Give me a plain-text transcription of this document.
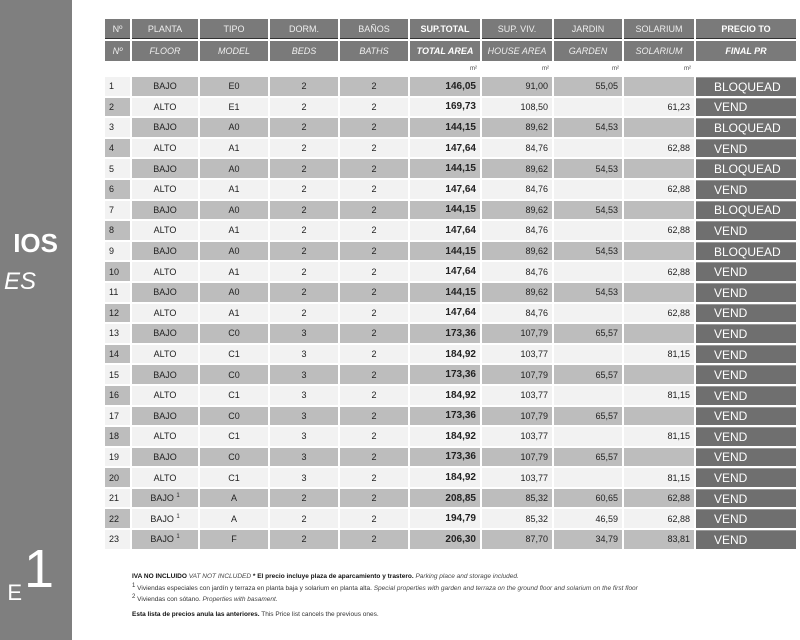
IOS
ES
1
E
Nº	PLANTA	TIPO	DORM.	BAÑOS	SUP.TOTAL	SUP. VIV.	JARDIN	SOLARIUM	PRECIO TO
Nº	FLOOR	MODEL	BEDS	BATHS	TOTAL AREA	HOUSE AREA	GARDEN	SOLARIUM	FINAL PR
					m²	m²	m²	m²	
1	BAJO	E0	2	2	146,05	91,00	55,05		BLOQUEAD
2	ALTO	E1	2	2	169,73	108,50		61,23	VEND
3	BAJO	A0	2	2	144,15	89,62	54,53		BLOQUEAD
4	ALTO	A1	2	2	147,64	84,76		62,88	VEND
5	BAJO	A0	2	2	144,15	89,62	54,53		BLOQUEAD
6	ALTO	A1	2	2	147,64	84,76		62,88	VEND
7	BAJO	A0	2	2	144,15	89,62	54,53		BLOQUEAD
8	ALTO	A1	2	2	147,64	84,76		62,88	VEND
9	BAJO	A0	2	2	144,15	89,62	54,53		BLOQUEAD
10	ALTO	A1	2	2	147,64	84,76		62,88	VEND
11	BAJO	A0	2	2	144,15	89,62	54,53		VEND
12	ALTO	A1	2	2	147,64	84,76		62,88	VEND
13	BAJO	C0	3	2	173,36	107,79	65,57		VEND
14	ALTO	C1	3	2	184,92	103,77		81,15	VEND
15	BAJO	C0	3	2	173,36	107,79	65,57		VEND
16	ALTO	C1	3	2	184,92	103,77		81,15	VEND
17	BAJO	C0	3	2	173,36	107,79	65,57		VEND
18	ALTO	C1	3	2	184,92	103,77		81,15	VEND
19	BAJO	C0	3	2	173,36	107,79	65,57		VEND
20	ALTO	C1	3	2	184,92	103,77		81,15	VEND
21	BAJO $^1$	A	2	2	208,85	85,32	60,65	62,88	VEND
22	BAJO $^1$	A	2	2	194,79	85,32	46,59	62,88	VEND
23	BAJO $^1$	F	2	2	206,30	87,70	34,79	83,81	VEND
IVA NO INCLUIDO VAT NOT INCLUDED * El precio incluye plaza de aparcamiento y trastero. Parking place and storage included.
$^1$ Viviendas especiales con jardín y terraza en planta baja y solarium en planta alta. Special properties with garden and terraza on the ground floor and solarium on the first floor
$^2$ Viviendas con sótano. Properties with basament.
Esta lista de precios anula las anteriores. This Price list cancels the previous ones.
